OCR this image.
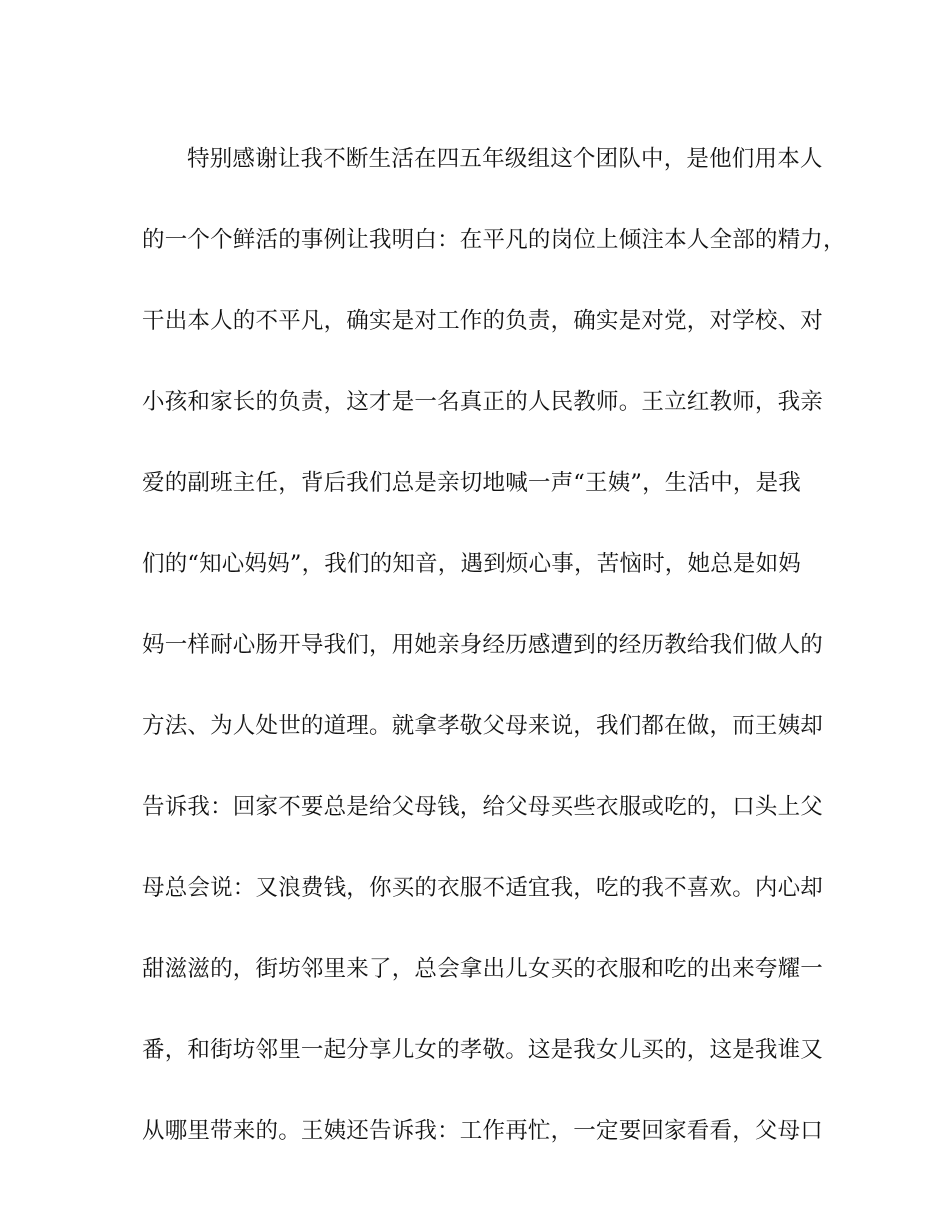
特别感谢让我不断生活在四五年级组这个团队中，是他们用本人
的一个个鲜活的事例让我明白：在平凡的岗位上倾注本人全部的精力，
干出本人的不平凡，确实是对工作的负责，确实是对党，对学校、对
小孩和家长的负责，这才是一名真正的人民教师。王立红教师，我亲
爱的副班主任，背后我们总是亲切地喊一声“王姨”，生活中，是我
们的“知心妈妈”，我们的知音，遇到烦心事，苦恼时，她总是如妈
妈一样耐心肠开导我们，用她亲身经历感遭到的经历教给我们做人的
方法、为人处世的道理。就拿孝敬父母来说，我们都在做，而王姨却
告诉我：回家不要总是给父母钱，给父母买些衣服或吃的，口头上父
母总会说：又浪费钱，你买的衣服不适宜我，吃的我不喜欢。内心却
甜滋滋的，街坊邻里来了，总会拿出儿女买的衣服和吃的出来夸耀一
番，和街坊邻里一起分享儿女的孝敬。这是我女儿买的，这是我谁又
从哪里带来的。王姨还告诉我：工作再忙，一定要回家看看，父母口
